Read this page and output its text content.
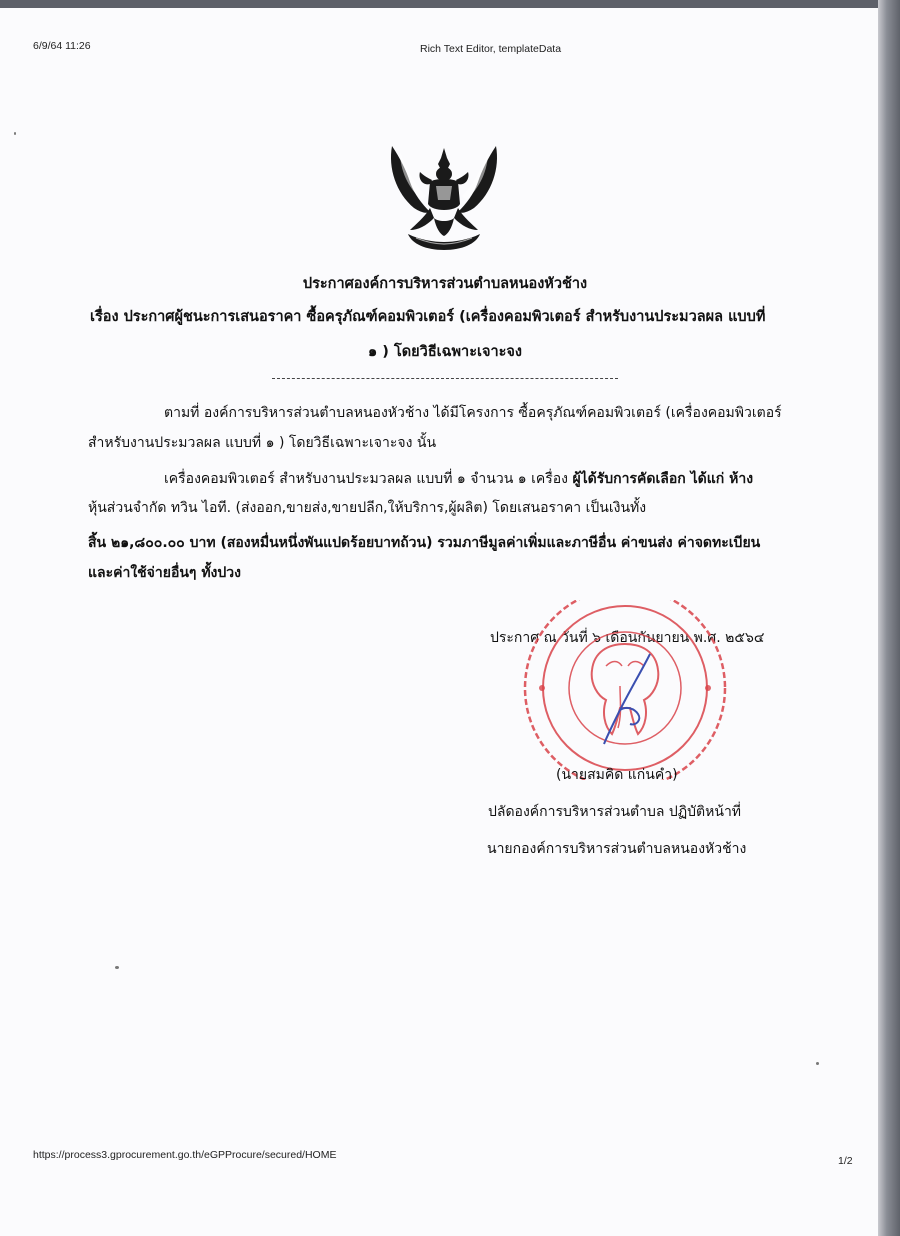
6/9/64 11:26	Rich Text Editor, templateData
ประกาศองค์การบริหารส่วนตำบลหนองหัวช้าง
เรื่อง ประกาศผู้ชนะการเสนอราคา ซื้อครุภัณฑ์คอมพิวเตอร์ (เครื่องคอมพิวเตอร์ สำหรับงานประมวลผล แบบที่
๑ ) โดยวิธีเฉพาะเจาะจง
ตามที่ องค์การบริหารส่วนตำบลหนองหัวช้าง ได้มีโครงการ ซื้อครุภัณฑ์คอมพิวเตอร์ (เครื่องคอมพิวเตอร์
สำหรับงานประมวลผล แบบที่ ๑ ) โดยวิธีเฉพาะเจาะจง นั้น
เครื่องคอมพิวเตอร์ สำหรับงานประมวลผล แบบที่ ๑ จำนวน ๑ เครื่อง ผู้ได้รับการคัดเลือก ได้แก่ ห้าง
หุ้นส่วนจำกัด ทวิน ไอที. (ส่งออก,ขายส่ง,ขายปลีก,ให้บริการ,ผู้ผลิต) โดยเสนอราคา เป็นเงินทั้ง
สิ้น ๒๑,๘๐๐.๐๐ บาท (สองหมื่นหนึ่งพันแปดร้อยบาทถ้วน) รวมภาษีมูลค่าเพิ่มและภาษีอื่น ค่าขนส่ง ค่าจดทะเบียน
และค่าใช้จ่ายอื่นๆ ทั้งปวง
ประกาศ ณ วันที่ ๖ เดือนกันยายน พ.ศ. ๒๕๖๔
(นายสมคิด แก่นคำ)
ปลัดองค์การบริหารส่วนตำบล ปฏิบัติหน้าที่
นายกองค์การบริหารส่วนตำบลหนองหัวช้าง
https://process3.gprocurement.go.th/eGPProcure/secured/HOME	1/2
